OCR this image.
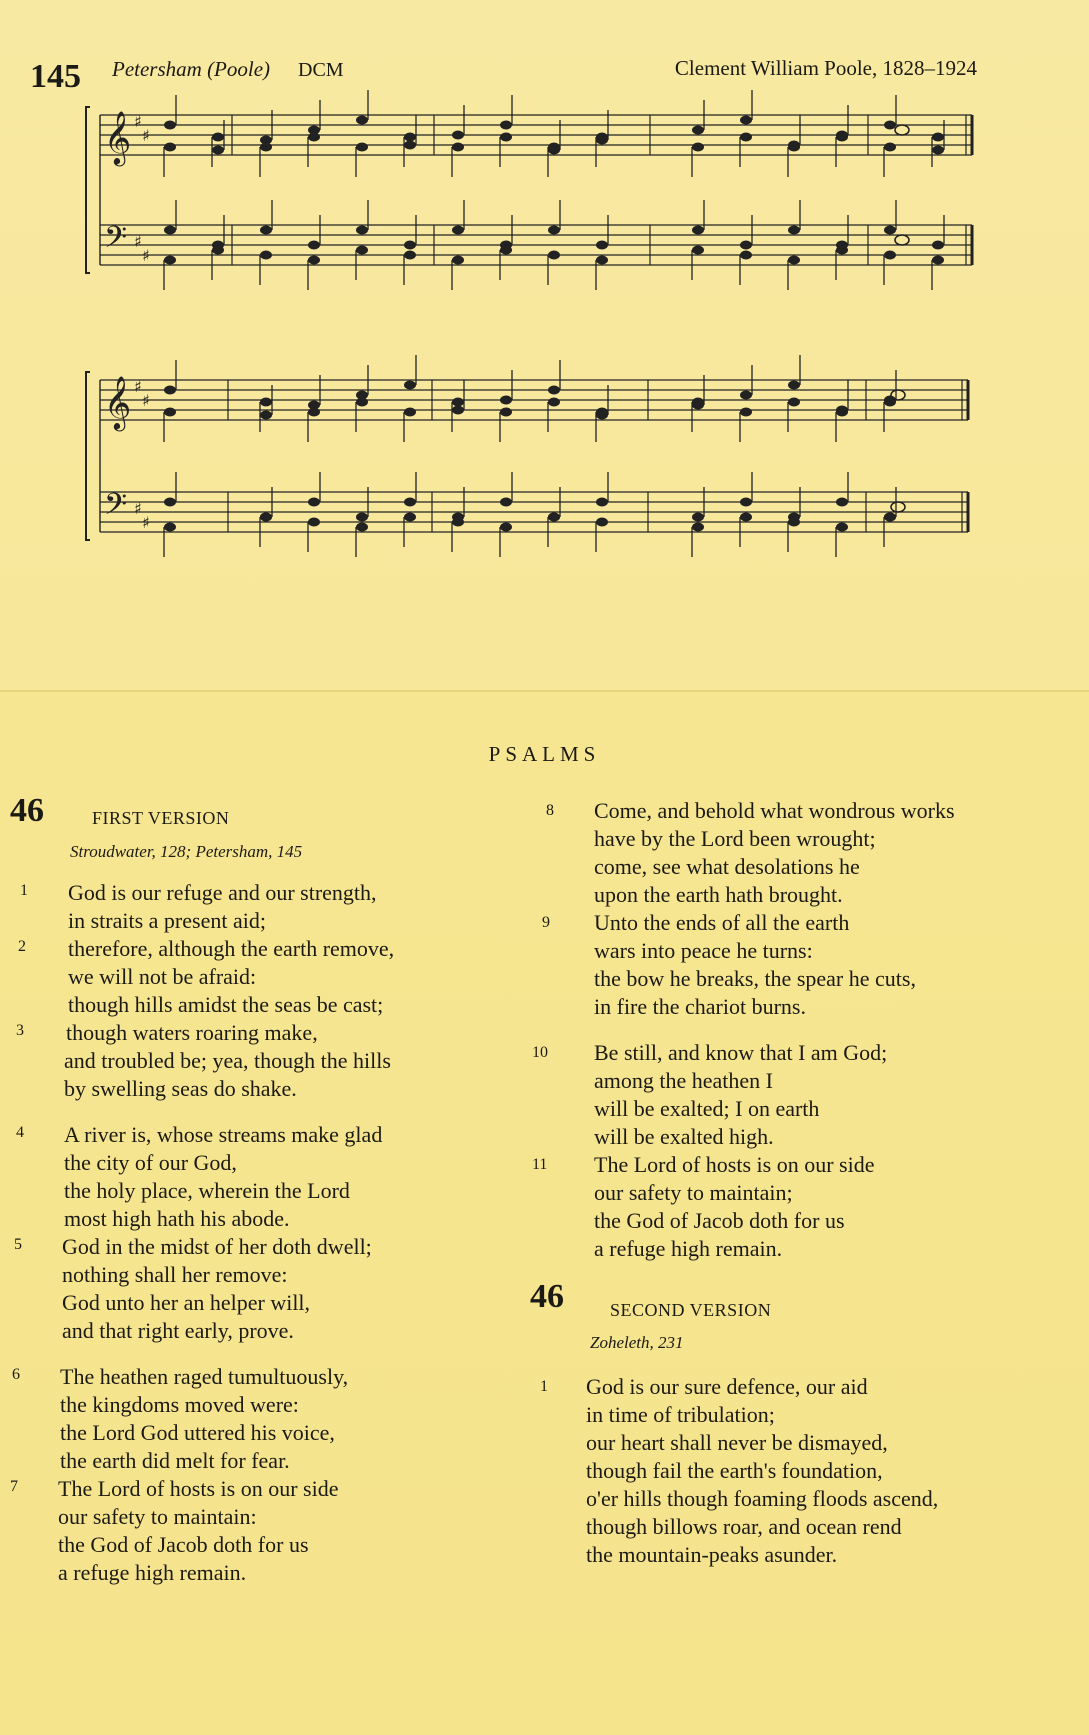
145 Petersham (Poole) DCM	Clement William Poole, 1828–1924
𝄞
𝄢
♯
♯
♯
♯
𝄞
𝄢
♯
♯
♯
♯
PSALMS
46	FIRST VERSION
Stroudwater, 128; Petersham, 145
God is our refuge and our strength,
in straits a present aid;
therefore, although the earth remove,
we will not be afraid:
though hills amidst the seas be cast;
though waters roaring make,
and troubled be; yea, though the hills
by swelling seas do shake.
A river is, whose streams make glad
the city of our God,
the holy place, wherein the Lord
most high hath his abode.
God in the midst of her doth dwell;
nothing shall her remove:
God unto her an helper will,
and that right early, prove.
The heathen raged tumultuously,
the kingdoms moved were:
the Lord God uttered his voice,
the earth did melt for fear.
The Lord of hosts is on our side
our safety to maintain:
the God of Jacob doth for us
a refuge high remain.
1
2
3
4
5
6
7
Come, and behold what wondrous works
have by the Lord been wrought;
come, see what desolations he
upon the earth hath brought.
Unto the ends of all the earth
wars into peace he turns:
the bow he breaks, the spear he cuts,
in fire the chariot burns.
Be still, and know that I am God;
among the heathen I
will be exalted; I on earth
will be exalted high.
The Lord of hosts is on our side
our safety to maintain;
the God of Jacob doth for us
a refuge high remain.
8
9
10
11
46	SECOND VERSION
Zoheleth, 231
God is our sure defence, our aid
in time of tribulation;
our heart shall never be dismayed,
though fail the earth's foundation,
o'er hills though foaming floods ascend,
though billows roar, and ocean rend
the mountain-peaks asunder.
1
